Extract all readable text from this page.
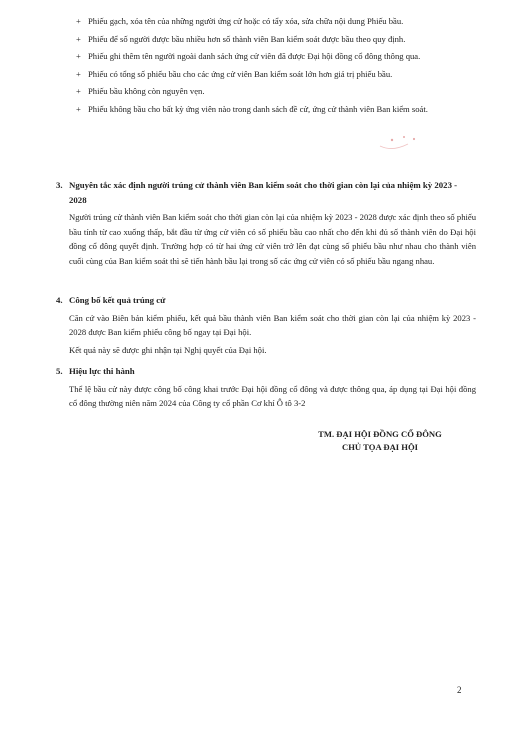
+ Phiếu gạch, xóa tên của những người ứng cử hoặc có tẩy xóa, sửa chữa nội dung Phiếu bầu.
+ Phiếu để số người được bầu nhiều hơn số thành viên Ban kiểm soát được bầu theo quy định.
+ Phiếu ghi thêm tên người ngoài danh sách ứng cử viên đã được Đại hội đồng cổ đông thông qua.
+ Phiếu có tổng số phiếu bầu cho các ứng cử viên Ban kiểm soát lớn hơn giá trị phiếu bầu.
+ Phiếu bầu không còn nguyên vẹn.
+ Phiếu không bầu cho bất kỳ ứng viên nào trong danh sách đề cử, ứng cử thành viên Ban kiểm soát.
3. Nguyên tắc xác định người trúng cử thành viên Ban kiểm soát cho thời gian còn lại của nhiệm kỳ 2023 - 2028
Người trúng cử thành viên Ban kiểm soát cho thời gian còn lại của nhiệm kỳ 2023 - 2028 được xác định theo số phiếu bầu tính từ cao xuống thấp, bắt đầu từ ứng cử viên có số phiếu bầu cao nhất cho đến khi đủ số thành viên do Đại hội đồng cổ đông quyết định. Trường hợp có từ hai ứng cử viên trở lên đạt cùng số phiếu bầu như nhau cho thành viên cuối cùng của Ban kiểm soát thì sẽ tiến hành bầu lại trong số các ứng cử viên có số phiếu bầu ngang nhau.
4. Công bố kết quả trúng cử
Căn cứ vào Biên bản kiểm phiếu, kết quả bầu thành viên Ban kiểm soát cho thời gian còn lại của nhiệm kỳ 2023 - 2028 được Ban kiểm phiếu công bố ngay tại Đại hội.
Kết quả này sẽ được ghi nhận tại Nghị quyết của Đại hội.
5. Hiệu lực thi hành
Thể lệ bầu cử này được công bố công khai trước Đại hội đồng cổ đông và được thông qua, áp dụng tại Đại hội đồng cổ đông thường niên năm 2024 của Công ty cổ phần Cơ khí Ô tô 3-2
TM. ĐẠI HỘI ĐỒNG CỔ ĐÔNG
CHỦ TỌA ĐẠI HỘI
2
